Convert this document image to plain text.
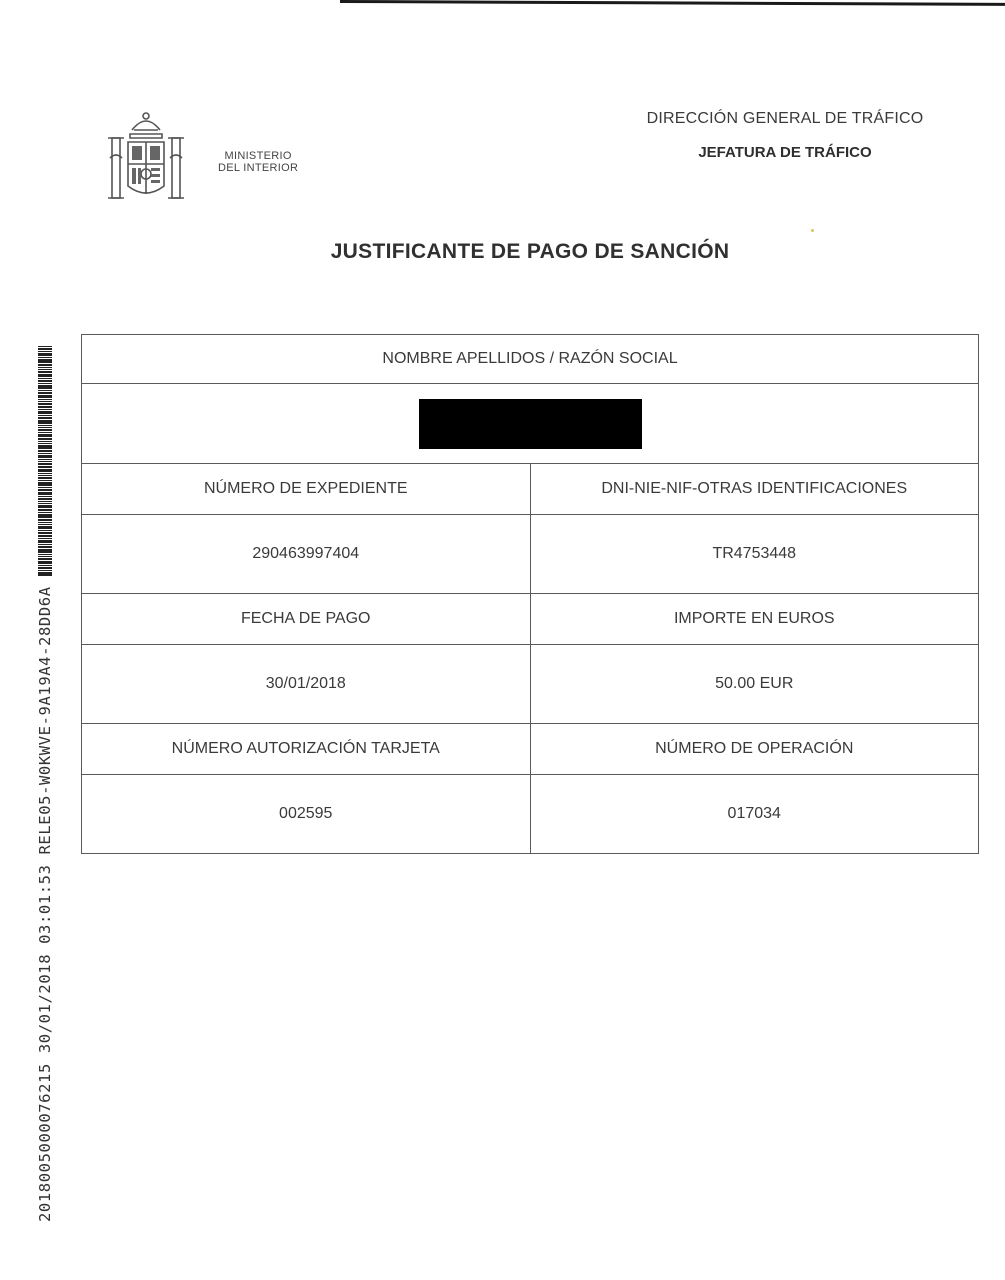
MINISTERIO
DEL INTERIOR
DIRECCIÓN GENERAL DE TRÁFICO
JEFATURA DE TRÁFICO
JUSTIFICANTE DE PAGO DE SANCIÓN
2018005000076215 30/01/2018 03:01:53 RELE05-W0KWVE-9A19A4-28DD6A
NOMBRE APELLIDOS / RAZÓN SOCIAL
NÚMERO DE EXPEDIENTE	DNI-NIE-NIF-OTRAS IDENTIFICACIONES
290463997404	TR4753448
FECHA DE PAGO	IMPORTE EN EUROS
30/01/2018	50.00 EUR
NÚMERO AUTORIZACIÓN TARJETA	NÚMERO DE OPERACIÓN
002595	017034
